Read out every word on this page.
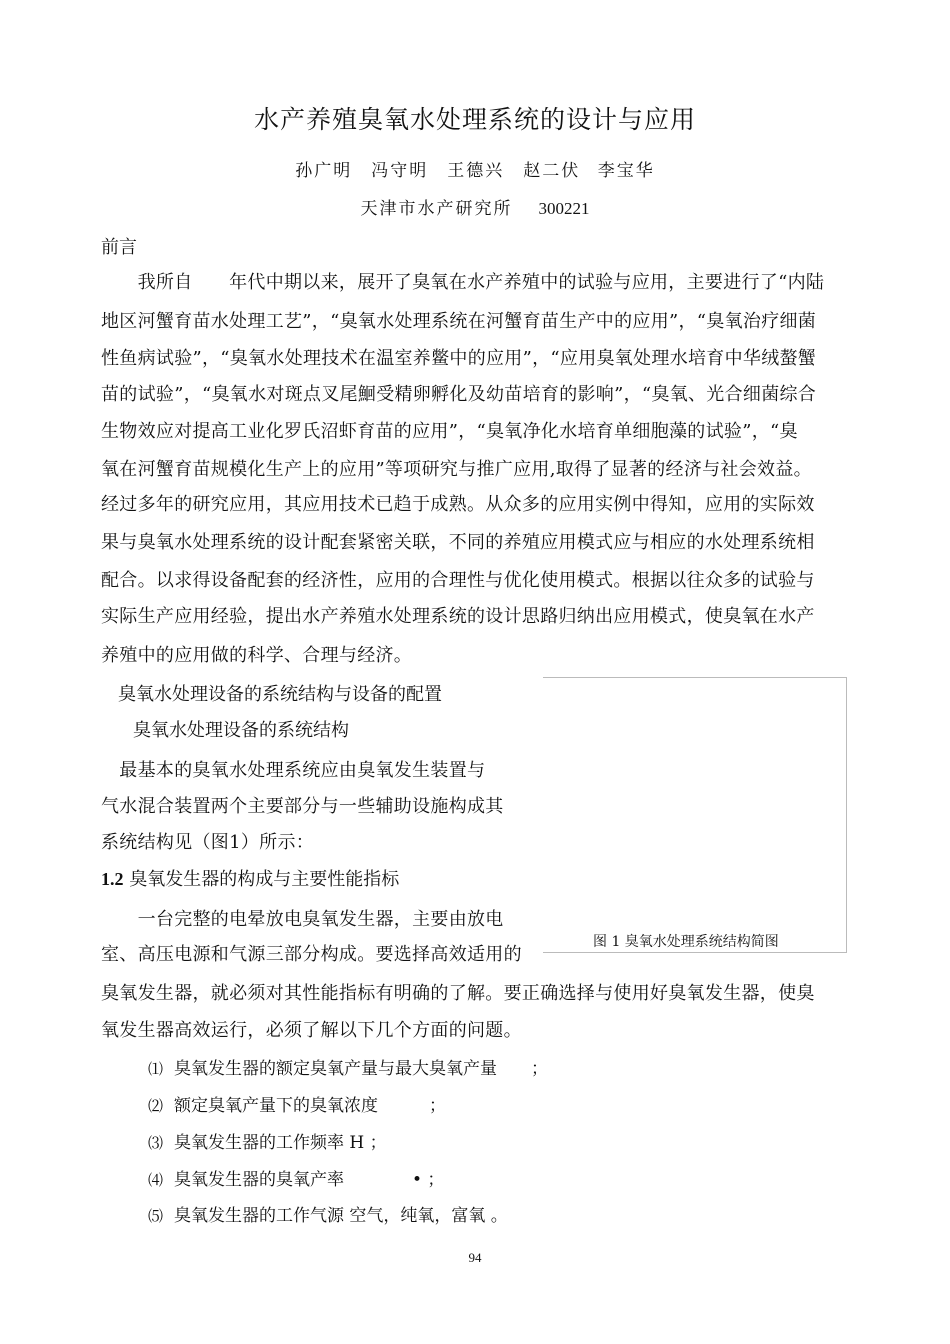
水产养殖臭氧水处理系统的设计与应用
孙广明　冯守明　王德兴　赵二伏 李宝华
天津市水产研究所 300221
前言
　　我所自　　年代中期以来，展开了臭氧在水产养殖中的试验与应用，主要进行了“内陆
地区河蟹育苗水处理工艺”，“臭氧水处理系统在河蟹育苗生产中的应用”，“臭氧治疗细菌
性鱼病试验”，“臭氧水处理技术在温室养鳖中的应用”，“应用臭氧处理水培育中华绒螯蟹
苗的试验”，“臭氧水对斑点叉尾鮰受精卵孵化及幼苗培育的影响”，“臭氧、光合细菌综合
生物效应对提高工业化罗氏沼虾育苗的应用”，“臭氧净化水培育单细胞藻的试验”，“臭
氧在河蟹育苗规模化生产上的应用”等项研究与推广应用,取得了显著的经济与社会效益。
经过多年的研究应用，其应用技术已趋于成熟。从众多的应用实例中得知，应用的实际效
果与臭氧水处理系统的设计配套紧密关联，不同的养殖应用模式应与相应的水处理系统相
配合。以求得设备配套的经济性，应用的合理性与优化使用模式。根据以往众多的试验与
实际生产应用经验，提出水产养殖水处理系统的设计思路归纳出应用模式，使臭氧在水产
养殖中的应用做的科学、合理与经济。
图 1 臭氧水处理系统结构简图
臭氧水处理设备的系统结构与设备的配置
臭氧水处理设备的系统结构
　最基本的臭氧水处理系统应由臭氧发生装置与
气水混合装置两个主要部分与一些辅助设施构成其
系统结构见（图1）所示：
1.2 臭氧发生器的构成与主要性能指标
　　一台完整的电晕放电臭氧发生器，主要由放电
室、高压电源和气源三部分构成。要选择高效适用的
臭氧发生器，就必须对其性能指标有明确的了解。要正确选择与使用好臭氧发生器，使臭
氧发生器高效运行，必须了解以下几个方面的问题。
⑴ 臭氧发生器的额定臭氧产量与最大臭氧产量　　；
⑵ 额定臭氧产量下的臭氧浓度　　　；
⑶ 臭氧发生器的工作频率 H ；
⑷ 臭氧发生器的臭氧产率　　　　• ；
⑸ 臭氧发生器的工作气源 空气，纯氧，富氧 。
94
